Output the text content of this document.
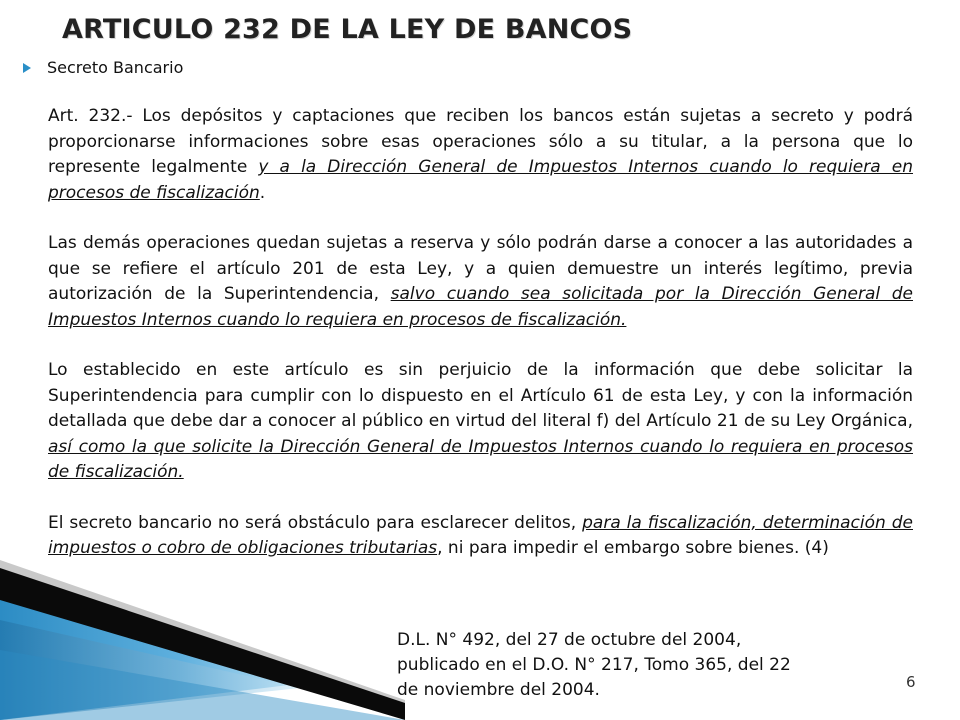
ARTICULO 232 DE LA LEY DE BANCOS
Secreto Bancario

Art. 232.- Los depósitos y captaciones que reciben los bancos están sujetas a secreto y podrá proporcionarse informaciones sobre esas operaciones sólo a su titular, a la persona que lo represente legalmente y a la Dirección General de Impuestos Internos cuando lo requiera en procesos de fiscalización.

Las demás operaciones quedan sujetas a reserva y sólo podrán darse a conocer a las autoridades a que se refiere el artículo 201 de esta Ley, y a quien demuestre un interés legítimo, previa autorización de la Superintendencia, salvo cuando sea solicitada por la Dirección General de Impuestos Internos cuando lo requiera en procesos de fiscalización.

Lo establecido en este artículo es sin perjuicio de la información que debe solicitar la Superintendencia para cumplir con lo dispuesto en el Artículo 61 de esta Ley, y con la información detallada que debe dar a conocer al público en virtud del literal f) del Artículo 21 de su Ley Orgánica, así como la que solicite la Dirección General de Impuestos Internos cuando lo requiera en procesos de fiscalización.

El secreto bancario no será obstáculo para esclarecer delitos, para la fiscalización, determinación de impuestos o cobro de obligaciones tributarias, ni para impedir el embargo sobre bienes. (4)

D.L. N° 492, del 27 de octubre del 2004,
publicado en el D.O. N° 217, Tomo 365, del 22
de noviembre del 2004.	6
